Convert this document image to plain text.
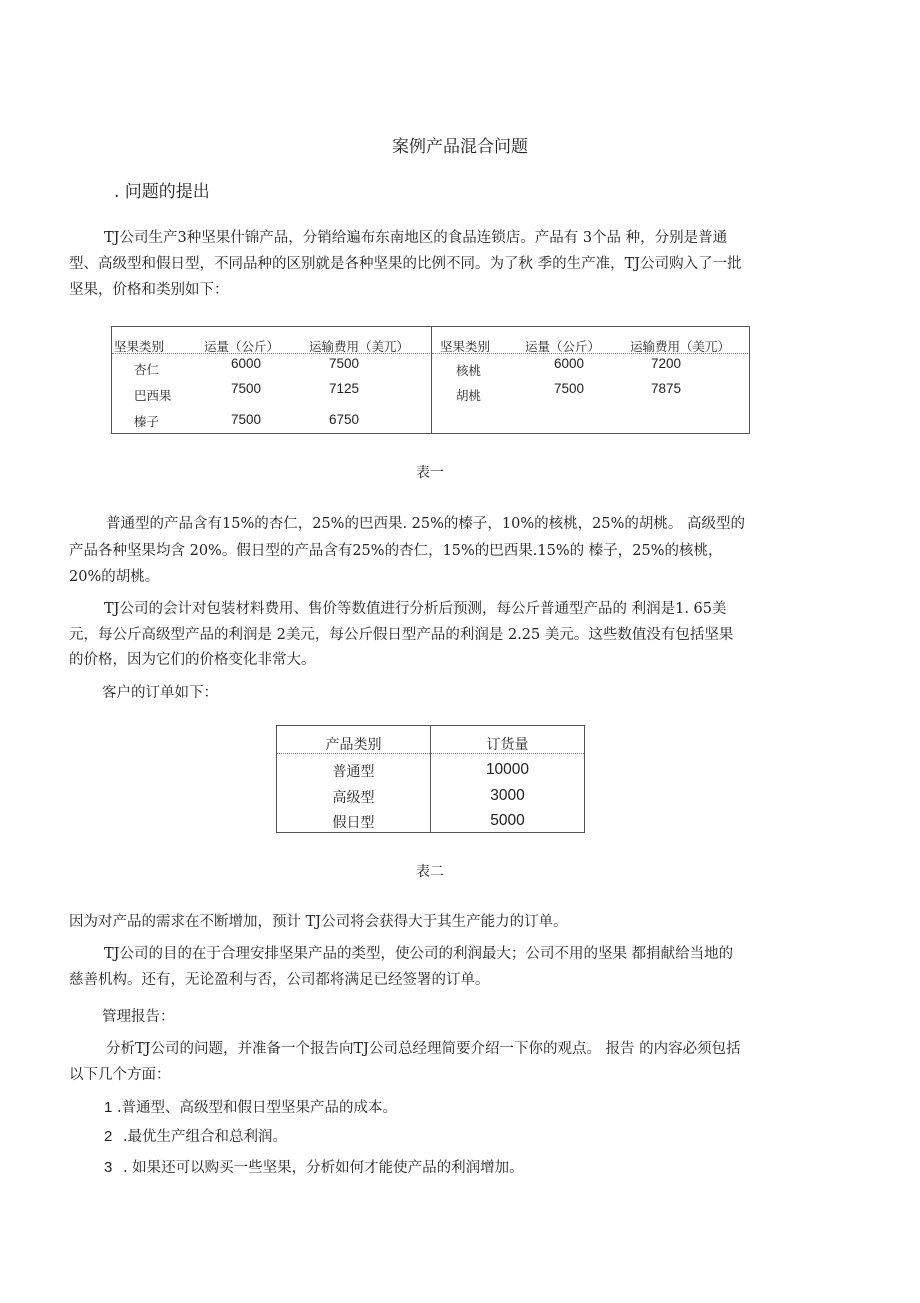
案例产品混合问题
. 问题的提出
TJ公司生产3种坚果什锦产品，分销给遍布东南地区的食品连锁店。产品有 3个品 种，分别是普通
型、高级型和假日型，不同品种的区别就是各种坚果的比例不同。为了秋 季的生产准，TJ公司购入了一批
坚果，价格和类别如下：
坚果类别	运量（公斤） 运输费用（美兀） 坚果类别	运量（公斤） 运输费用（美兀）
杏仁	6000	7500
巴西果	7500	7125
榛子	7500	6750
核桃	6000	7200
胡桃	7500	7875
表一
普通型的产品含有15%的杏仁，25%的巴西果. 25%的榛子，10%的核桃，25%的胡桃。 高级型的
产品各种坚果均含 20%。假日型的产品含有25%的杏仁，15%的巴西果.15%的 榛子，25%的核桃，
20%的胡桃。
TJ公司的会计对包装材料费用、售价等数值进行分析后预测，每公斤普通型产品的 利润是1. 65美
元，每公斤高级型产品的利润是 2美元，每公斤假日型产品的利润是 2.25 美元。这些数值没有包括坚果
的价格，因为它们的价格变化非常大。
客户的订单如下：
产品类别	订货量
普通型	10000
高级型	3000
假日型	5000
表二
因为对产品的需求在不断增加，预计 TJ公司将会获得大于其生产能力的订单。
TJ公司的目的在于合理安排坚果产品的类型，使公司的利润最大；公司不用的坚果 都捐献给当地的
慈善机构。还有，无论盈利与否，公司都将满足已经签署的订单。
管理报告：
分析TJ公司的问题，并准备一个报告向TJ公司总经理简要介绍一下你的观点。 报告 的内容必须包括
以下几个方面：
1 .普通型、高级型和假日型坚果产品的成本。
2 .最优生产组合和总利润。
3 . 如果还可以购买一些坚果，分析如何才能使产品的利润增加。
